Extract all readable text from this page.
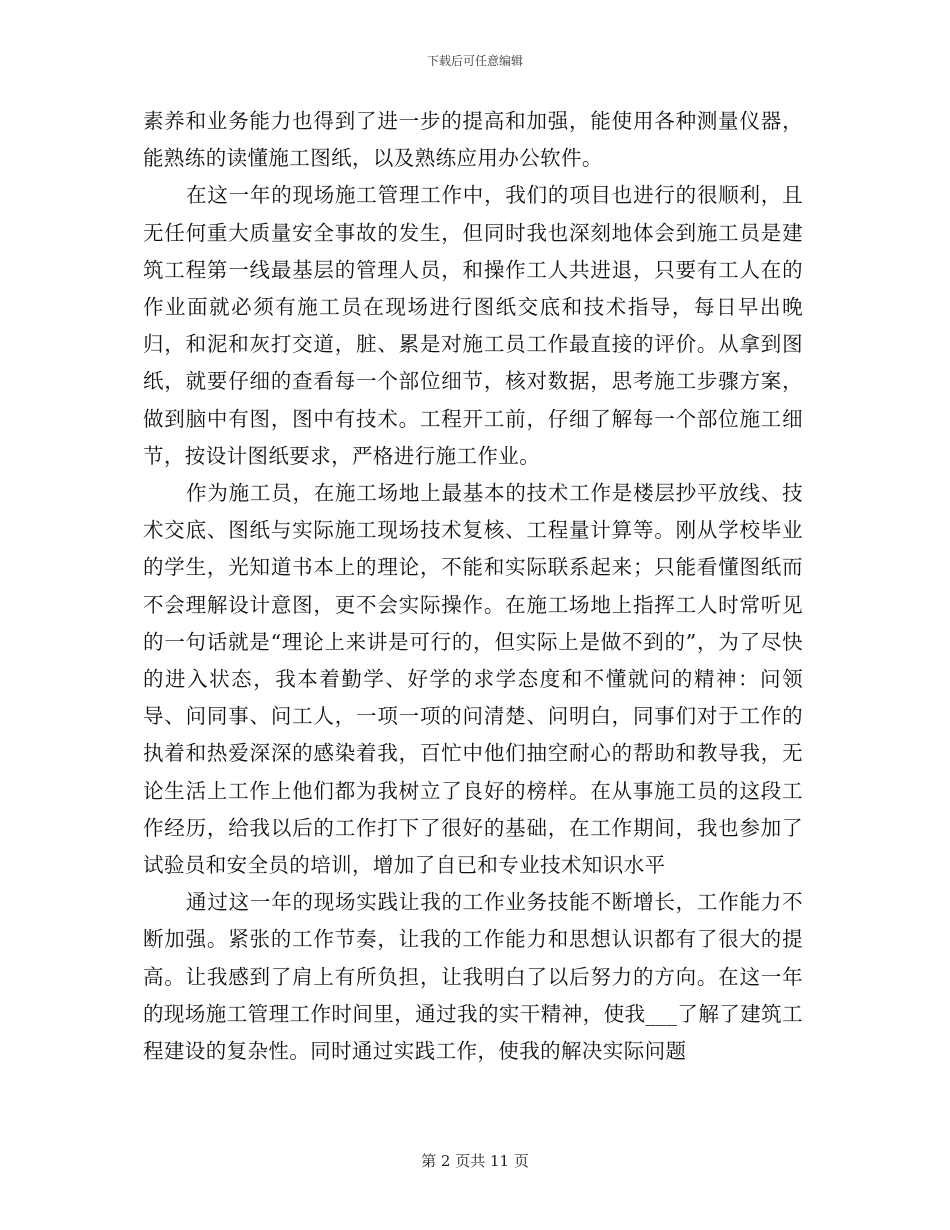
下载后可任意编辑

素养和业务能力也得到了进一步的提高和加强，能使用各种测量仪器，能熟练的读懂施工图纸，以及熟练应用办公软件。

在这一年的现场施工管理工作中，我们的项目也进行的很顺利，且无任何重大质量安全事故的发生，但同时我也深刻地体会到施工员是建筑工程第一线最基层的管理人员，和操作工人共进退，只要有工人在的作业面就必须有施工员在现场进行图纸交底和技术指导，每日早出晚归，和泥和灰打交道，脏、累是对施工员工作最直接的评价。从拿到图纸，就要仔细的查看每一个部位细节，核对数据，思考施工步骤方案，做到脑中有图，图中有技术。工程开工前，仔细了解每一个部位施工细节，按设计图纸要求，严格进行施工作业。

作为施工员，在施工场地上最基本的技术工作是楼层抄平放线、技术交底、图纸与实际施工现场技术复核、工程量计算等。刚从学校毕业的学生，光知道书本上的理论，不能和实际联系起来；只能看懂图纸而不会理解设计意图，更不会实际操作。在施工场地上指挥工人时常听见的一句话就是“理论上来讲是可行的，但实际上是做不到的”，为了尽快的进入状态，我本着勤学、好学的求学态度和不懂就问的精神：问领导、问同事、问工人，一项一项的问清楚、问明白，同事们对于工作的执着和热爱深深的感染着我，百忙中他们抽空耐心的帮助和教导我，无论生活上工作上他们都为我树立了良好的榜样。在从事施工员的这段工作经历，给我以后的工作打下了很好的基础，在工作期间，我也参加了试验员和安全员的培训，增加了自已和专业技术知识水平

通过这一年的现场实践让我的工作业务技能不断增长，工作能力不断加强。紧张的工作节奏，让我的工作能力和思想认识都有了很大的提高。让我感到了肩上有所负担，让我明白了以后努力的方向。在这一年的现场施工管理工作时间里，通过我的实干精神，使我___了解了建筑工程建设的复杂性。同时通过实践工作，使我的解决实际问题

第 2 页共 11 页
